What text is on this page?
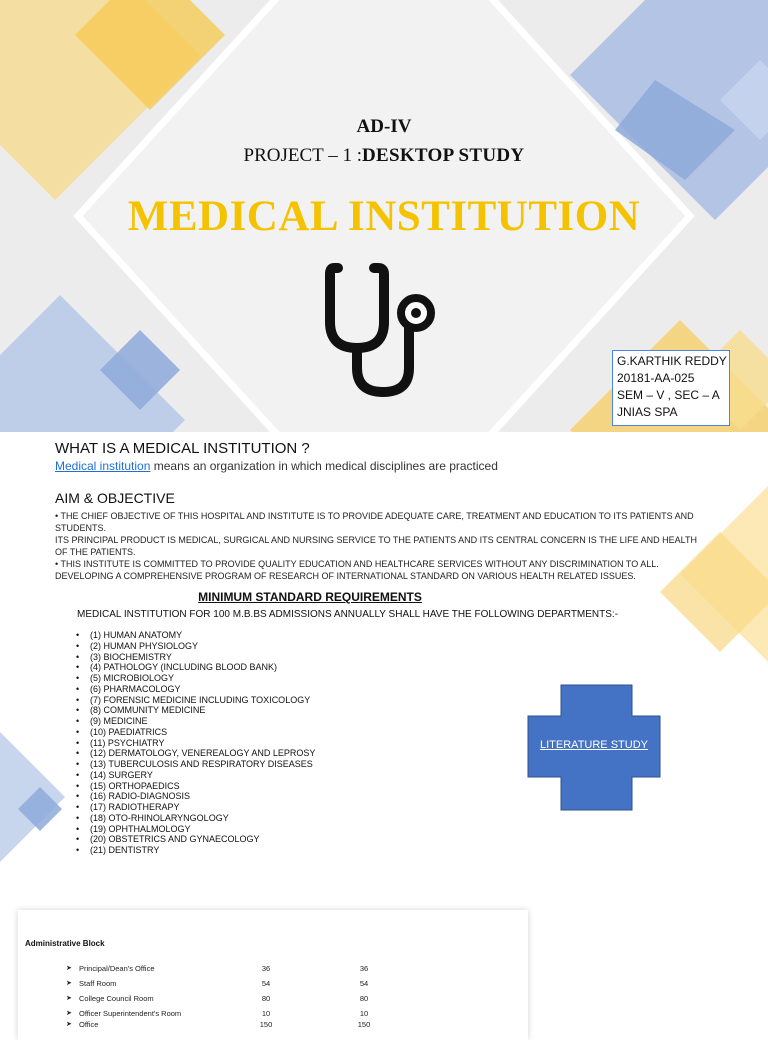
AD-IV
PROJECT – 1 :DESKTOP STUDY
MEDICAL INSTITUTION
G.KARTHIK REDDY
20181-AA-025
SEM – V , SEC – A
JNIAS SPA
WHAT IS A MEDICAL INSTITUTION ?
Medical institution means an organization in which medical disciplines are practiced
AIM & OBJECTIVE
• THE CHIEF OBJECTIVE OF THIS HOSPITAL AND INSTITUTE IS TO PROVIDE ADEQUATE CARE, TREATMENT AND EDUCATION TO ITS PATIENTS AND STUDENTS.
ITS PRINCIPAL PRODUCT IS MEDICAL, SURGICAL AND NURSING SERVICE TO THE PATIENTS AND ITS CENTRAL CONCERN IS THE LIFE AND HEALTH OF THE PATIENTS.
• THIS INSTITUTE IS COMMITTED TO PROVIDE QUALITY EDUCATION AND HEALTHCARE SERVICES WITHOUT ANY DISCRIMINATION TO ALL.
DEVELOPING A COMPREHENSIVE PROGRAM OF RESEARCH OF INTERNATIONAL STANDARD ON VARIOUS HEALTH RELATED ISSUES.
MINIMUM STANDARD REQUIREMENTS
MEDICAL INSTITUTION FOR 100 M.B.BS ADMISSIONS ANNUALLY SHALL HAVE THE FOLLOWING DEPARTMENTS:-
• (1) HUMAN ANATOMY
• (2) HUMAN PHYSIOLOGY
• (3) BIOCHEMISTRY
• (4) PATHOLOGY (INCLUDING BLOOD BANK)
• (5) MICROBIOLOGY
• (6) PHARMACOLOGY
• (7) FORENSIC MEDICINE INCLUDING TOXICOLOGY
• (8) COMMUNITY MEDICINE
• (9) MEDICINE
• (10) PAEDIATRICS
• (11) PSYCHIATRY
• (12) DERMATOLOGY, VENEREALOGY AND LEPROSY
• (13) TUBERCULOSIS AND RESPIRATORY DISEASES
• (14) SURGERY
• (15) ORTHOPAEDICS
• (16) RADIO-DIAGNOSIS
• (17) RADIOTHERAPY
• (18) OTO-RHINOLARYNGOLOGY
• (19) OPHTHALMOLOGY
• (20) OBSTETRICS AND GYNAECOLOGY
• (21) DENTISTRY
LITERATURE STUDY
Administrative Block
➤ Principal/Dean's Office	36	36
➤ Staff Room	54	54
➤ College Council Room	80	80
➤ Officer Superintendent's Room	10	10
➤ Office	150	150
